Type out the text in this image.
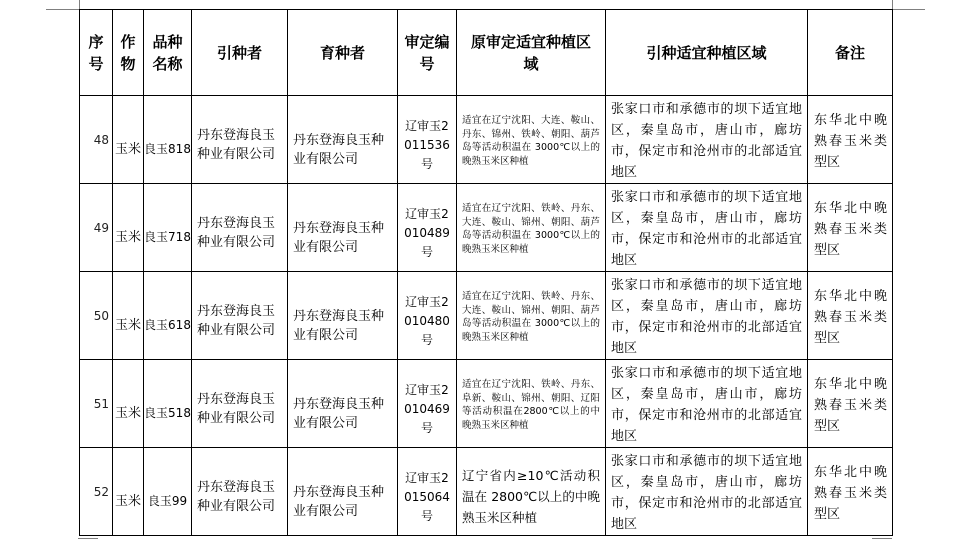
序号	作物	品种名称	引种者	育种者	审定编号	原审定适宜种植区域	引种适宜种植区域	备注

48	玉米	良玉818	丹东登海良玉种业有限公司	丹东登海良玉种业有限公司	辽审玉2011536号	适宜在辽宁沈阳、大连、鞍山、丹东、锦州、铁岭、朝阳、葫芦岛等活动积温在 3000℃以上的晚熟玉米区种植	张家口市和承德市的坝下适宜地区，秦皇岛市，唐山市，廊坊市，保定市和沧州市的北部适宜地区	东华北中晚熟春玉米类型区

49	玉米	良玉718	丹东登海良玉种业有限公司	丹东登海良玉种业有限公司	辽审玉2010489号	适宜在辽宁沈阳、铁岭、丹东、大连、鞍山、锦州、朝阳、葫芦岛等活动积温在 3000℃以上的晚熟玉米区种植	张家口市和承德市的坝下适宜地区，秦皇岛市，唐山市，廊坊市，保定市和沧州市的北部适宜地区	东华北中晚熟春玉米类型区

50	玉米	良玉618	丹东登海良玉种业有限公司	丹东登海良玉种业有限公司	辽审玉2010480号	适宜在辽宁沈阳、铁岭、丹东、大连、鞍山、锦州、朝阳、葫芦岛等活动积温在 3000℃以上的晚熟玉米区种植	张家口市和承德市的坝下适宜地区，秦皇岛市，唐山市，廊坊市，保定市和沧州市的北部适宜地区	东华北中晚熟春玉米类型区

51	玉米	良玉518	丹东登海良玉种业有限公司	丹东登海良玉种业有限公司	辽审玉2010469号	适宜在辽宁沈阳、铁岭、丹东、阜新、鞍山、锦州、朝阳、辽阳等活动积温在2800℃以上的中晚熟玉米区种植	张家口市和承德市的坝下适宜地区，秦皇岛市，唐山市，廊坊市，保定市和沧州市的北部适宜地区	东华北中晚熟春玉米类型区

52	玉米	良玉99	丹东登海良玉种业有限公司	丹东登海良玉种业有限公司	辽审玉2015064号	辽宁省内≥10℃活动积温在 2800℃以上的中晚熟玉米区种植	张家口市和承德市的坝下适宜地区，秦皇岛市，唐山市，廊坊市，保定市和沧州市的北部适宜地区	东华北中晚熟春玉米类型区
